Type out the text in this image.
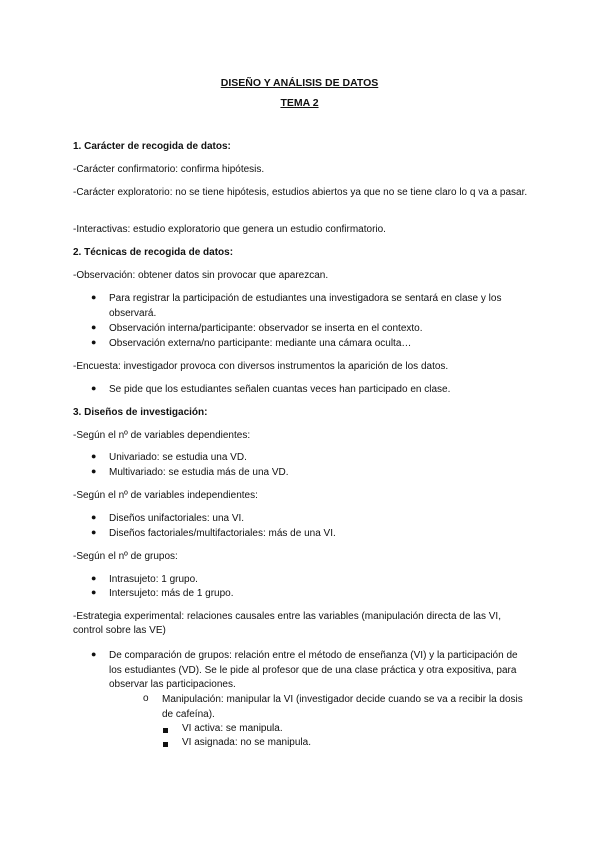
DISEÑO Y ANÁLISIS DE DATOS
TEMA 2
1. Carácter de recogida de datos:
-Carácter confirmatorio: confirma hipótesis.
-Carácter exploratorio: no se tiene hipótesis, estudios abiertos ya que no se tiene claro lo q va a pasar.
-Interactivas: estudio exploratorio que genera un estudio confirmatorio.
2. Técnicas de recogida de datos:
-Observación: obtener datos sin provocar que aparezcan.
● Para registrar la participación de estudiantes una investigadora se sentará en clase y los observará.
● Observación interna/participante: observador se inserta en el contexto.
● Observación externa/no participante: mediante una cámara oculta…
-Encuesta: investigador provoca con diversos instrumentos la aparición de los datos.
● Se pide que los estudiantes señalen cuantas veces han participado en clase.
3. Diseños de investigación:
-Según el nº de variables dependientes:
● Univariado: se estudia una VD.
● Multivariado: se estudia más de una VD.
-Según el nº de variables independientes:
● Diseños unifactoriales: una VI.
● Diseños factoriales/multifactoriales: más de una VI.
-Según el nº de grupos:
● Intrasujeto: 1 grupo.
● Intersujeto: más de 1 grupo.
-Estrategia experimental: relaciones causales entre las variables (manipulación directa de las VI, control sobre las VE)
● De comparación de grupos: relación entre el método de enseñanza (VI) y la participación de los estudiantes (VD). Se le pide al profesor que de una clase práctica y otra expositiva, para observar las participaciones.
o Manipulación: manipular la VI (investigador decide cuando se va a recibir la dosis de cafeína).
VI activa: se manipula.
VI asignada: no se manipula.
